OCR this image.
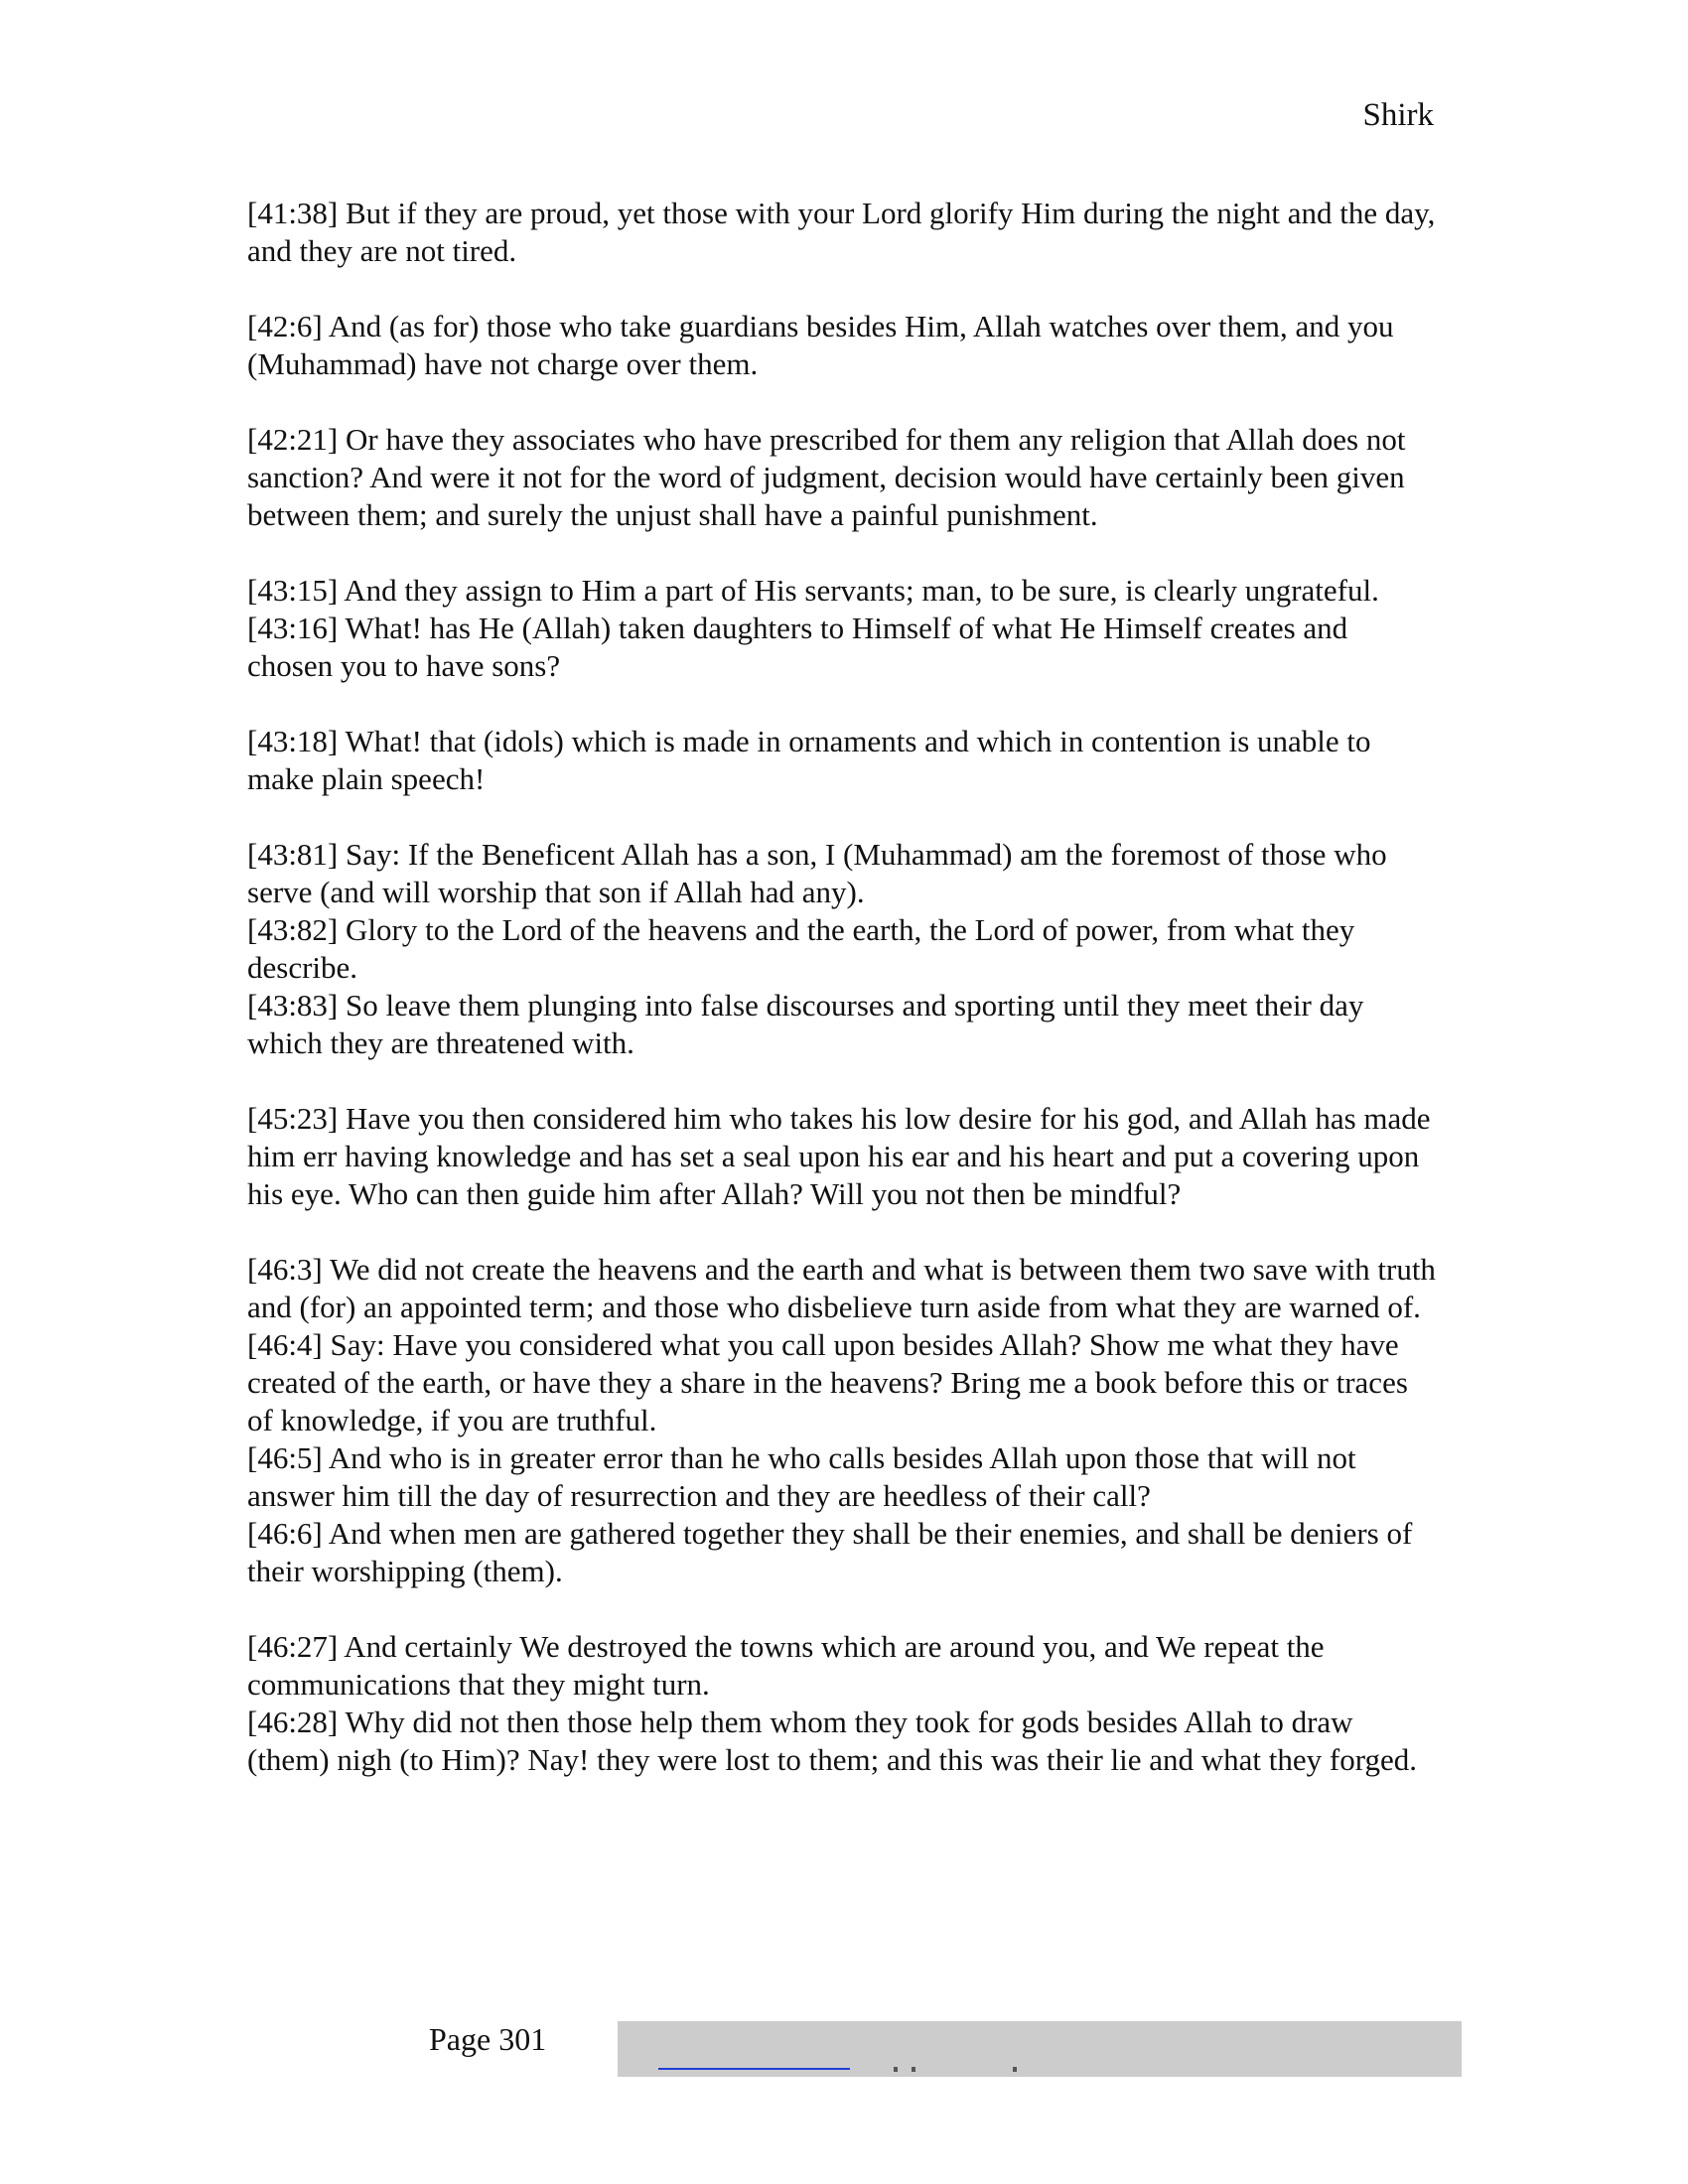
Shirk

[41:38] But if they are proud, yet those with your Lord glorify Him during the night and the day, and they are not tired.

[42:6] And (as for) those who take guardians besides Him, Allah watches over them, and you (Muhammad) have not charge over them.

[42:21] Or have they associates who have prescribed for them any religion that Allah does not sanction? And were it not for the word of judgment, decision would have certainly been given between them; and surely the unjust shall have a painful punishment.

[43:15] And they assign to Him a part of His servants; man, to be sure, is clearly ungrateful.

[43:16] What! has He (Allah) taken daughters to Himself of what He Himself creates and chosen you to have sons?

[43:18] What! that (idols) which is made in ornaments and which in contention is unable to make plain speech!

[43:81] Say: If the Beneficent Allah has a son, I (Muhammad) am the foremost of those who serve (and will worship that son if Allah had any).

[43:82] Glory to the Lord of the heavens and the earth, the Lord of power, from what they describe.

[43:83] So leave them plunging into false discourses and sporting until they meet their day which they are threatened with.

[45:23] Have you then considered him who takes his low desire for his god, and Allah has made him err having knowledge and has set a seal upon his ear and his heart and put a covering upon his eye. Who can then guide him after Allah? Will you not then be mindful?

[46:3] We did not create the heavens and the earth and what is between them two save with truth and (for) an appointed term; and those who disbelieve turn aside from what they are warned of.

[46:4] Say: Have you considered what you call upon besides Allah? Show me what they have created of the earth, or have they a share in the heavens? Bring me a book before this or traces of knowledge, if you are truthful.

[46:5] And who is in greater error than he who calls besides Allah upon those that will not answer him till the day of resurrection and they are heedless of their call?

[46:6] And when men are gathered together they shall be their enemies, and shall be deniers of their worshipping (them).

[46:27] And certainly We destroyed the towns which are around you, and We repeat the communications that they might turn.

[46:28] Why did not then those help them whom they took for gods besides Allah to draw (them) nigh (to Him)? Nay! they were lost to them; and this was their lie and what they forged.

Page 301
